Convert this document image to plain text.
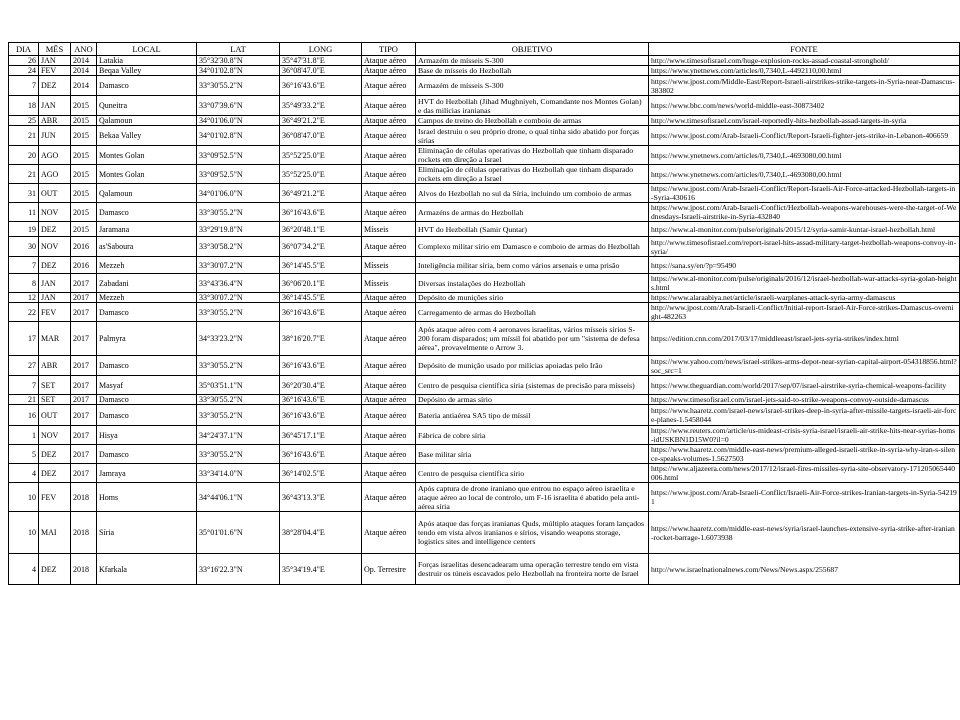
DIA	MÊS	ANO	LOCAL	LAT	LONG	TIPO	OBJETIVO	FONTE
26	JAN	2014	Latakia	35°32'30.8"N	35°47'31.8"E	Ataque aéreo	Armazém de mísseis S-300	http://www.timesofisrael.com/huge-explosion-rocks-assad-coastal-stronghold/
24	FEV	2014	Beqaa Valley	34°01'02.8"N	36°08'47.0"E	Ataque aéreo	Base de mísseis do Hezbollah	https://www.ynetnews.com/articles/0,7340,L-4492110,00.html
7	DEZ	2014	Damasco	33°30'55.2"N	36°16'43.6"E	Ataque aéreo	Armazém de mísseis S-300	https://www.jpost.com/Middle-East/Report-Israeli-airstrikes-strike-targets-in-Syria-near-Damascus-383802
18	JAN	2015	Quneitra	33°07'39.6"N	35°49'33.2"E	Ataque aéreo	HVT do Hezbollah (Jihad Mughniyeh, Comandante nos Montes Golan) e das milícias iranianas	https://www.bbc.com/news/world-middle-east-30873402
25	ABR	2015	Qalamoun	34°01'06.0"N	36°49'21.2"E	Ataque aéreo	Campos de treino do Hezbollah e comboio de armas	http://www.timesofisrael.com/israel-reportedly-hits-hezbollah-assad-targets-in-syria
21	JUN	2015	Bekaa Valley	34°01'02.8"N	36°08'47.0"E	Ataque aéreo	Israel destruiu o seu próprio drone, o qual tinha sido abatido por forças sírias	https://www.jpost.com/Arab-Israeli-Conflict/Report-Israeli-fighter-jets-strike-in-Lebanon-406659
20	AGO	2015	Montes Golan	33°09'52.5"N	35°52'25.0"E	Ataque aéreo	Eliminação de células operativas do Hezbollah que tinham disparado rockets em direção a Israel	https://www.ynetnews.com/articles/0,7340,L-4693080,00.html
21	AGO	2015	Montes Golan	33°09'52.5"N	35°52'25.0"E	Ataque aéreo	Eliminação de células operativas do Hezbollah que tinham disparado rockets em direção a Israel	https://www.ynetnews.com/articles/0,7340,L-4693080,00.html
31	OUT	2015	Qalamoun	34°01'06.0"N	36°49'21.2"E	Ataque aéreo	Alvos do Hezbollah no sul da Síria, incluindo um comboio de armas	https://www.jpost.com/Arab-Israeli-Conflict/Report-Israeli-Air-Force-attacked-Hezbollah-targets-in-Syria-430616
11	NOV	2015	Damasco	33°30'55.2"N	36°16'43.6"E	Ataque aéreo	Armazéns de armas do Hezbollah	https://www.jpost.com/Arab-Israeli-Conflict/Hezbollah-weapons-warehouses-were-the-target-of-Wednesdays-Israeli-airstrike-in-Syria-432840
19	DEZ	2015	Jaramana	33°29'19.8"N	36°20'48.1"E	Mísseis	HVT do Hezbollah (Samir Quntar)	https://www.al-monitor.com/pulse/originals/2015/12/syria-samir-kuntar-israel-hezbollah.html
30	NOV	2016	as'Saboura	33°30'58.2"N	36°07'34.2"E	Ataque aéreo	Complexo militar sírio em Damasco e comboio de armas do Hezbollah	http://www.timesofisrael.com/report-israel-hits-assad-military-target-hezbollah-weapons-convoy-in-syria/
7	DEZ	2016	Mezzeh	33°30'07.2"N	36°14'45.5"E	Mísseis	Inteligência militar síria, bem como vários arsenais e uma prisão	https://sana.sy/en/?p=95490
8	JAN	2017	Zabadani	33°43'36.4"N	36°06'20.1"E	Mísseis	Diversas instalações do Hezbollah	https://www.al-monitor.com/pulse/originals/2016/12/israel-hezbollah-war-attacks-syria-golan-heights.html
12	JAN	2017	Mezzeh	33°30'07.2"N	36°14'45.5"E	Ataque aéreo	Depósito de munições sírio	https://www.alaraabiya.net/article/israeli-warplanes-attack-syria-army-damascus
22	FEV	2017	Damasco	33°30'55.2"N	36°16'43.6"E	Ataque aéreo	Carregamento de armas do Hezbollah	http://www.jpost.com/Arab-Israeli-Conflict/Initial-report-Israel-Air-Force-strikes-Damascus-overnight-482263
17	MAR	2017	Palmyra	34°33'23.2"N	38°16'20.7"E	Ataque aéreo	Após ataque aéreo com 4 aeronaves israelitas, vários mísseis sírios S-200 foram disparados; um míssil foi abatido por um "sistema de defesa aérea", provavelmente o Arrow 3.	https://edition.cnn.com/2017/03/17/middleeast/israel-jets-syria-strikes/index.html
27	ABR	2017	Damasco	33°30'55.2"N	36°16'43.6"E	Ataque aéreo	Depósito de munição usado por milícias apoiadas pelo Irão	https://www.yahoo.com/news/israel-strikes-arms-depot-near-syrian-capital-airport-054318856.html?soc_src=1
7	SET	2017	Masyaf	35°03'51.1"N	36°20'30.4"E	Ataque aéreo	Centro de pesquisa científica síria (sistemas de precisão para mísseis)	https://www.theguardian.com/world/2017/sep/07/israel-airstrike-syria-chemical-weapons-facility
21	SET	2017	Damasco	33°30'55.2"N	36°16'43.6"E	Ataque aéreo	Depósito de armas sírio	https://www.timesofisrael.com/israel-jets-said-to-strike-weapons-convoy-outside-damascus
16	OUT	2017	Damasco	33°30'55.2"N	36°16'43.6"E	Ataque aéreo	Bateria antiaérea SA5 tipo de míssil	https://www.haaretz.com/israel-news/israel-strikes-deep-in-syria-after-missile-targets-israeli-air-force-planes-1.5458044
1	NOV	2017	Hisya	34°24'37.1"N	36°45'17.1"E	Ataque aéreo	Fábrica de cobre síria	https://www.reuters.com/article/us-mideast-crisis-syria-israel/israeli-air-strike-hits-near-syrias-homs-idUSKBN1D15W0?il=0
5	DEZ	2017	Damasco	33°30'55.2"N	36°16'43.6"E	Ataque aéreo	Base militar síria	https://www.haaretz.com/middle-east-news/premium-alleged-israeli-strike-in-syria-why-iran-s-silence-speaks-volumes-1.5627503
4	DEZ	2017	Jamraya	33°34'14.0"N	36°14'02.5"E	Ataque aéreo	Centro de pesquisa científica sírio	https://www.aljazeera.com/news/2017/12/israel-fires-missiles-syria-site-observatory-171205065440006.html
10	FEV	2018	Homs	34°44'06.1"N	36°43'13.3"E	Ataque aéreo	Após captura de drone iraniano que entrou no espaço aéreo israelita e ataque aéreo ao local de controlo, um F-16 israelita é abatido pela anti-aérea síria	https://www.jpost.com/Arab-Israeli-Conflict/Israeli-Air-Force-strikes-Iranian-targets-in-Syria-542191
10	MAI	2018	Síria	35°01'01.6"N	38°28'04.4"E	Ataque aéreo	Após ataque das forças iranianas Quds, múltiplo ataques foram lançados tendo em vista alvos iranianos e sírios, visando weapons storage, logistics sites and intelligence centers	https://www.haaretz.com/middle-east-news/syria/israel-launches-extensive-syria-strike-after-iranian-rocket-barrage-1.6073938
4	DEZ	2018	Kfarkala	33°16'22.3"N	35°34'19.4"E	Op. Terrestre	Forças israelitas desencadearam uma operação terrestre tendo em vista destruir os túneis escavados pelo Hezbollah na fronteira norte de Israel	http://www.israelnationalnews.com/News/News.aspx/255687
